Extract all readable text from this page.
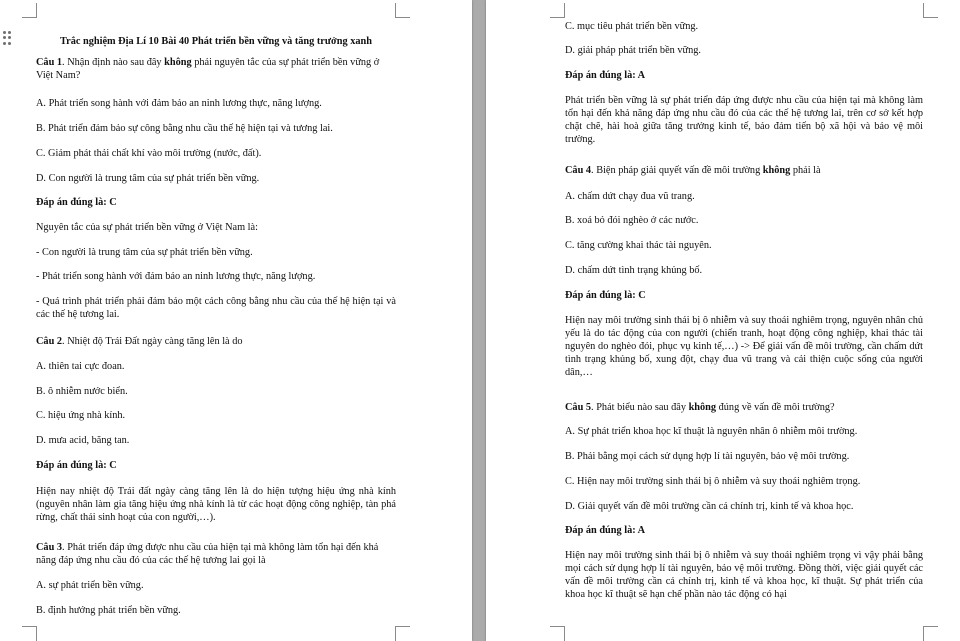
Trắc nghiệm Địa Lí 10 Bài 40 Phát triển bền vững và tăng trưởng xanh
Câu 1. Nhận định nào sau đây không phải nguyên tắc của sự phát triển bền vững ở Việt Nam?
A. Phát triển song hành với đảm bảo an ninh lương thực, năng lượng.
B. Phát triển đảm bảo sự công bằng nhu cầu thế hệ hiện tại và tương lai.
C. Giảm phát thải chất khí vào môi trường (nước, đất).
D. Con người là trung tâm của sự phát triển bền vững.
Đáp án đúng là: C
Nguyên tắc của sự phát triển bền vững ở Việt Nam là:
- Con người là trung tâm của sự phát triển bền vững.
- Phát triển song hành với đảm bảo an ninh lương thực, năng lượng.
- Quá trình phát triển phải đảm bảo một cách công bằng nhu cầu của thế hệ hiện tại và các thế hệ tương lai.
Câu 2. Nhiệt độ Trái Đất ngày càng tăng lên là do
A. thiên tai cực đoan.
B. ô nhiễm nước biển.
C. hiệu ứng nhà kính.
D. mưa acid, băng tan.
Đáp án đúng là: C
Hiện nay nhiệt độ Trái đất ngày càng tăng lên là do hiện tượng hiệu ứng nhà kính (nguyên nhân làm gia tăng hiệu ứng nhà kính là từ các hoạt động công nghiệp, tàn phá rừng, chất thải sinh hoạt của con người,…).
Câu 3. Phát triển đáp ứng được nhu cầu của hiện tại mà không làm tổn hại đến khả năng đáp ứng nhu cầu đó của các thế hệ tương lai gọi là
A. sự phát triển bền vững.
B. định hướng phát triển bền vững.
C. mục tiêu phát triển bền vững.
D. giải pháp phát triển bền vững.
Đáp án đúng là: A
Phát triển bền vững là sự phát triển đáp ứng được nhu cầu của hiện tại mà không làm tổn hại đến khả năng đáp ứng nhu cầu đó của các thế hệ tương lai, trên cơ sở kết hợp chặt chẽ, hài hoà giữa tăng trưởng kinh tế, bảo đảm tiến bộ xã hội và bảo vệ môi trường.
Câu 4. Biện pháp giải quyết vấn đề môi trường không phải là
A. chấm dứt chạy đua vũ trang.
B. xoá bỏ đói nghèo ở các nước.
C. tăng cường khai thác tài nguyên.
D. chấm dứt tình trạng khủng bố.
Đáp án đúng là: C
Hiện nay môi trường sinh thái bị ô nhiễm và suy thoái nghiêm trọng, nguyên nhân chủ yếu là do tác động của con người (chiến tranh, hoạt động công nghiệp, khai thác tài nguyên do nghèo đói, phục vụ kinh tế,…) -> Để giải vấn đề môi trường, cần chấm dứt tình trạng khủng bố, xung đột, chạy đua vũ trang và cải thiện cuộc sống của người dân,…
Câu 5. Phát biểu nào sau đây không đúng về vấn đề môi trường?
A. Sự phát triển khoa học kĩ thuật là nguyên nhân ô nhiễm môi trường.
B. Phải bằng mọi cách sử dụng hợp lí tài nguyên, bảo vệ môi trường.
C. Hiện nay môi trường sinh thái bị ô nhiễm và suy thoái nghiêm trọng.
D. Giải quyết vấn đề môi trường cần cả chính trị, kinh tế và khoa học.
Đáp án đúng là: A
Hiện nay môi trường sinh thái bị ô nhiễm và suy thoái nghiêm trọng vì vậy phải bằng mọi cách sử dụng hợp lí tài nguyên, bảo vệ môi trường. Đồng thời, việc giải quyết các vấn đề môi trường cần cả chính trị, kinh tế và khoa học, kĩ thuật. Sự phát triển của khoa học kĩ thuật sẽ hạn chế phần nào tác động có hại
